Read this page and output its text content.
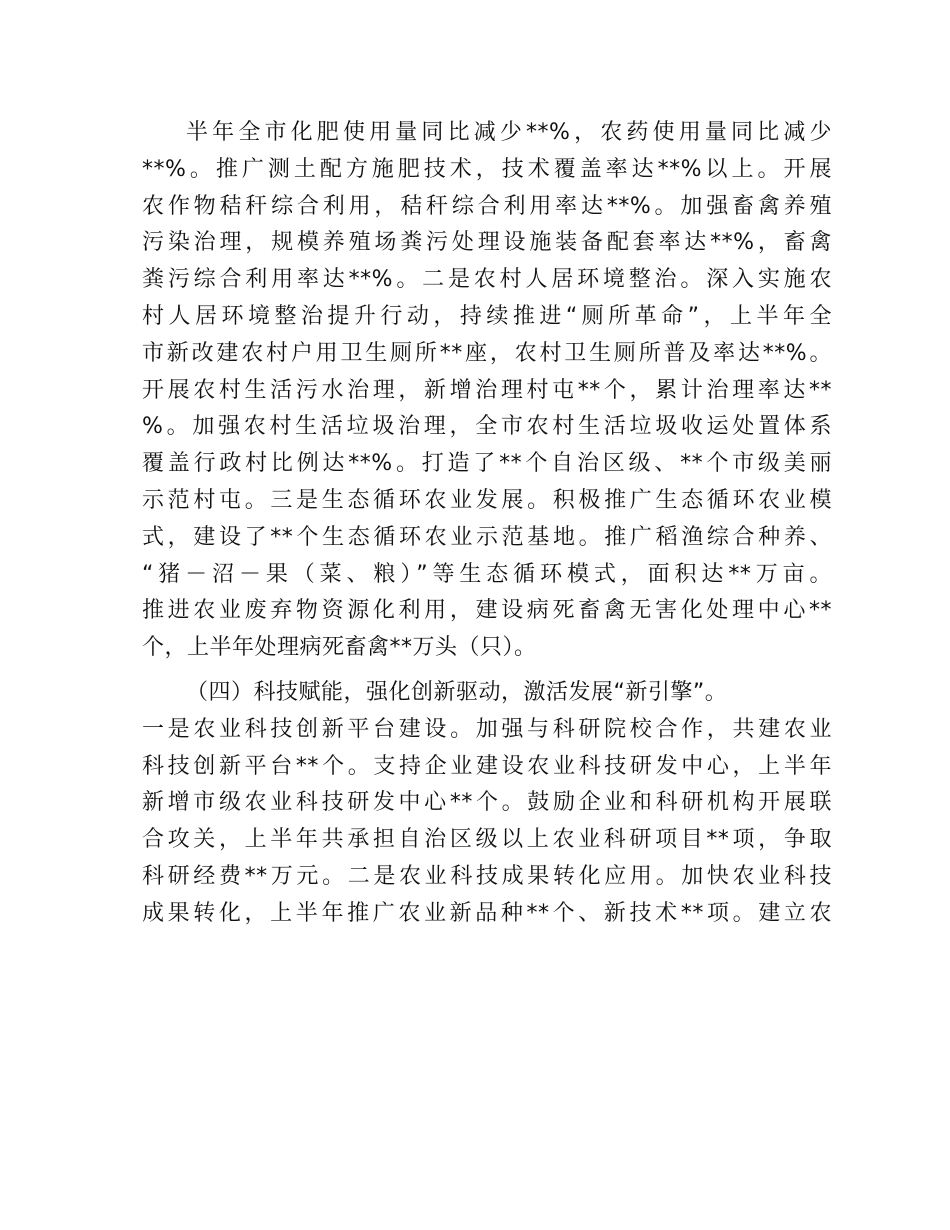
半年全市化肥使用量同比减少**%，农药使用量同比减少
**%。推广测土配方施肥技术，技术覆盖率达**%以上。开展
农作物秸秆综合利用，秸秆综合利用率达**%。加强畜禽养殖
污染治理，规模养殖场粪污处理设施装备配套率达**%，畜禽
粪污综合利用率达**%。二是农村人居环境整治。深入实施农
村人居环境整治提升行动，持续推进“厕所革命”，上半年全
市新改建农村户用卫生厕所**座，农村卫生厕所普及率达**%。
开展农村生活污水治理，新增治理村屯**个，累计治理率达**
%。加强农村生活垃圾治理，全市农村生活垃圾收运处置体系
覆盖行政村比例达**%。打造了**个自治区级、**个市级美丽
示范村屯。三是生态循环农业发展。积极推广生态循环农业模
式，建设了**个生态循环农业示范基地。推广稻渔综合种养、
“猪－沼－果（菜、粮）”等生态循环模式，面积达**万亩。
推进农业废弃物资源化利用，建设病死畜禽无害化处理中心**
个，上半年处理病死畜禽**万头（只）。
（四）科技赋能，强化创新驱动，激活发展“新引擎”。
一是农业科技创新平台建设。加强与科研院校合作，共建农业
科技创新平台**个。支持企业建设农业科技研发中心，上半年
新增市级农业科技研发中心**个。鼓励企业和科研机构开展联
合攻关，上半年共承担自治区级以上农业科研项目**项，争取
科研经费**万元。二是农业科技成果转化应用。加快农业科技
成果转化，上半年推广农业新品种**个、新技术**项。建立农
